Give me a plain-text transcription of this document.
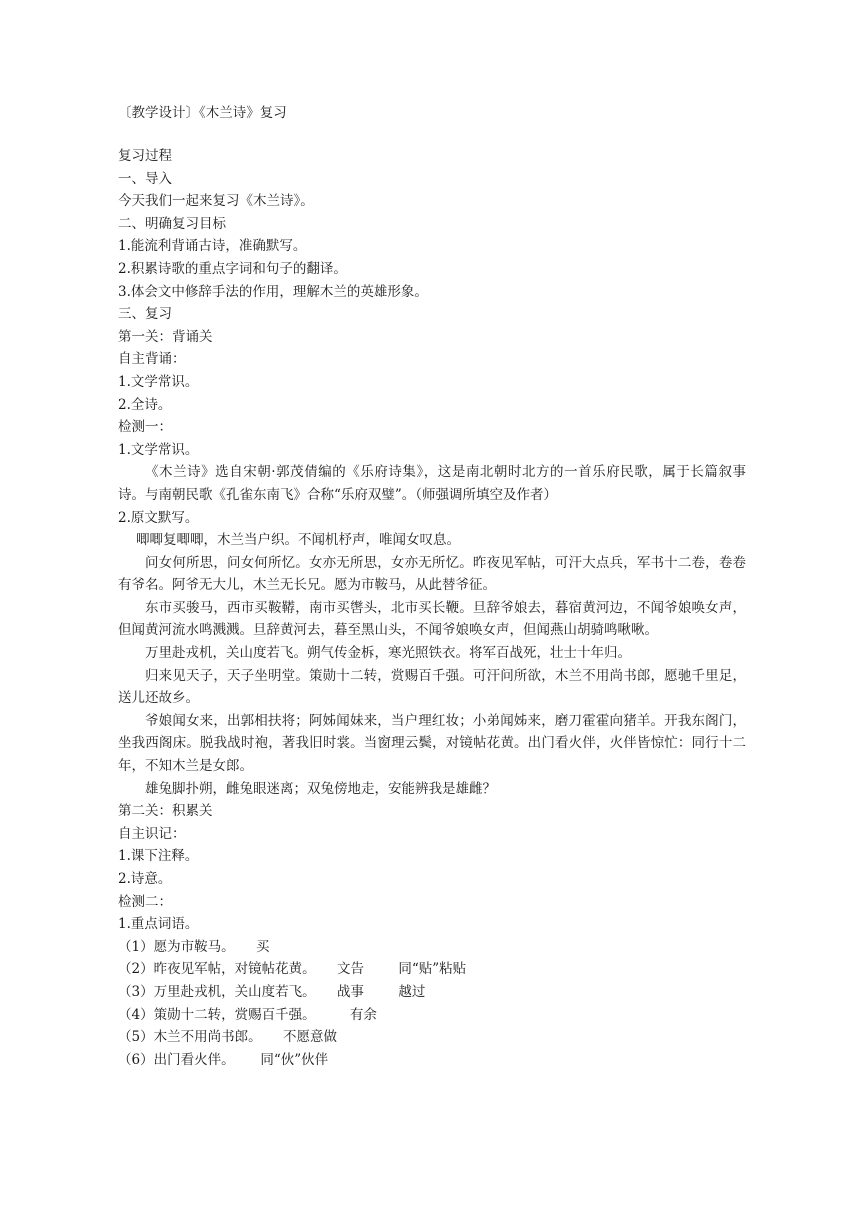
〔教学设计〕《木兰诗》复习
复习过程
一、导入
今天我们一起来复习《木兰诗》。
二、明确复习目标
1.能流利背诵古诗，准确默写。
2.积累诗歌的重点字词和句子的翻译。
3.体会文中修辞手法的作用，理解木兰的英雄形象。
三、复习
第一关：背诵关
自主背诵：
1.文学常识。
2.全诗。
检测一：
1.文学常识。
《木兰诗》选自宋朝·郭茂倩编的《乐府诗集》，这是南北朝时北方的一首乐府民歌，属于长篇叙事诗。与南朝民歌《孔雀东南飞》合称“乐府双璧”。（师强调所填空及作者）
2.原文默写。
唧唧复唧唧，木兰当户织。不闻机杼声，唯闻女叹息。
问女何所思，问女何所忆。女亦无所思，女亦无所忆。昨夜见军帖，可汗大点兵，军书十二卷，卷卷有爷名。阿爷无大儿，木兰无长兄。愿为市鞍马，从此替爷征。
东市买骏马，西市买鞍鞯，南市买辔头，北市买长鞭。旦辞爷娘去，暮宿黄河边，不闻爷娘唤女声，但闻黄河流水鸣溅溅。旦辞黄河去，暮至黑山头，不闻爷娘唤女声，但闻燕山胡骑鸣啾啾。
万里赴戎机，关山度若飞。朔气传金柝，寒光照铁衣。将军百战死，壮士十年归。
归来见天子，天子坐明堂。策勋十二转，赏赐百千强。可汗问所欲，木兰不用尚书郎，愿驰千里足，送儿还故乡。
爷娘闻女来，出郭相扶将；阿姊闻妹来，当户理红妆；小弟闻姊来，磨刀霍霍向猪羊。开我东阁门，坐我西阁床。脱我战时袍，著我旧时裳。当窗理云鬓，对镜帖花黄。出门看火伴，火伴皆惊忙：同行十二年，不知木兰是女郎。
雄兔脚扑朔，雌兔眼迷离；双兔傍地走，安能辨我是雄雌？
第二关：积累关
自主识记：
1.课下注释。
2.诗意。
检测二：
1.重点词语。
（1）愿为市鞍马。     买
（2）昨夜见军帖，对镜帖花黄。     文告        同“贴”粘贴
（3）万里赴戎机，关山度若飞。     战事        越过
（4）策勋十二转，赏赐百千强。        有余
（5）木兰不用尚书郎。     不愿意做
（6）出门看火伴。      同“伙”伙伴
